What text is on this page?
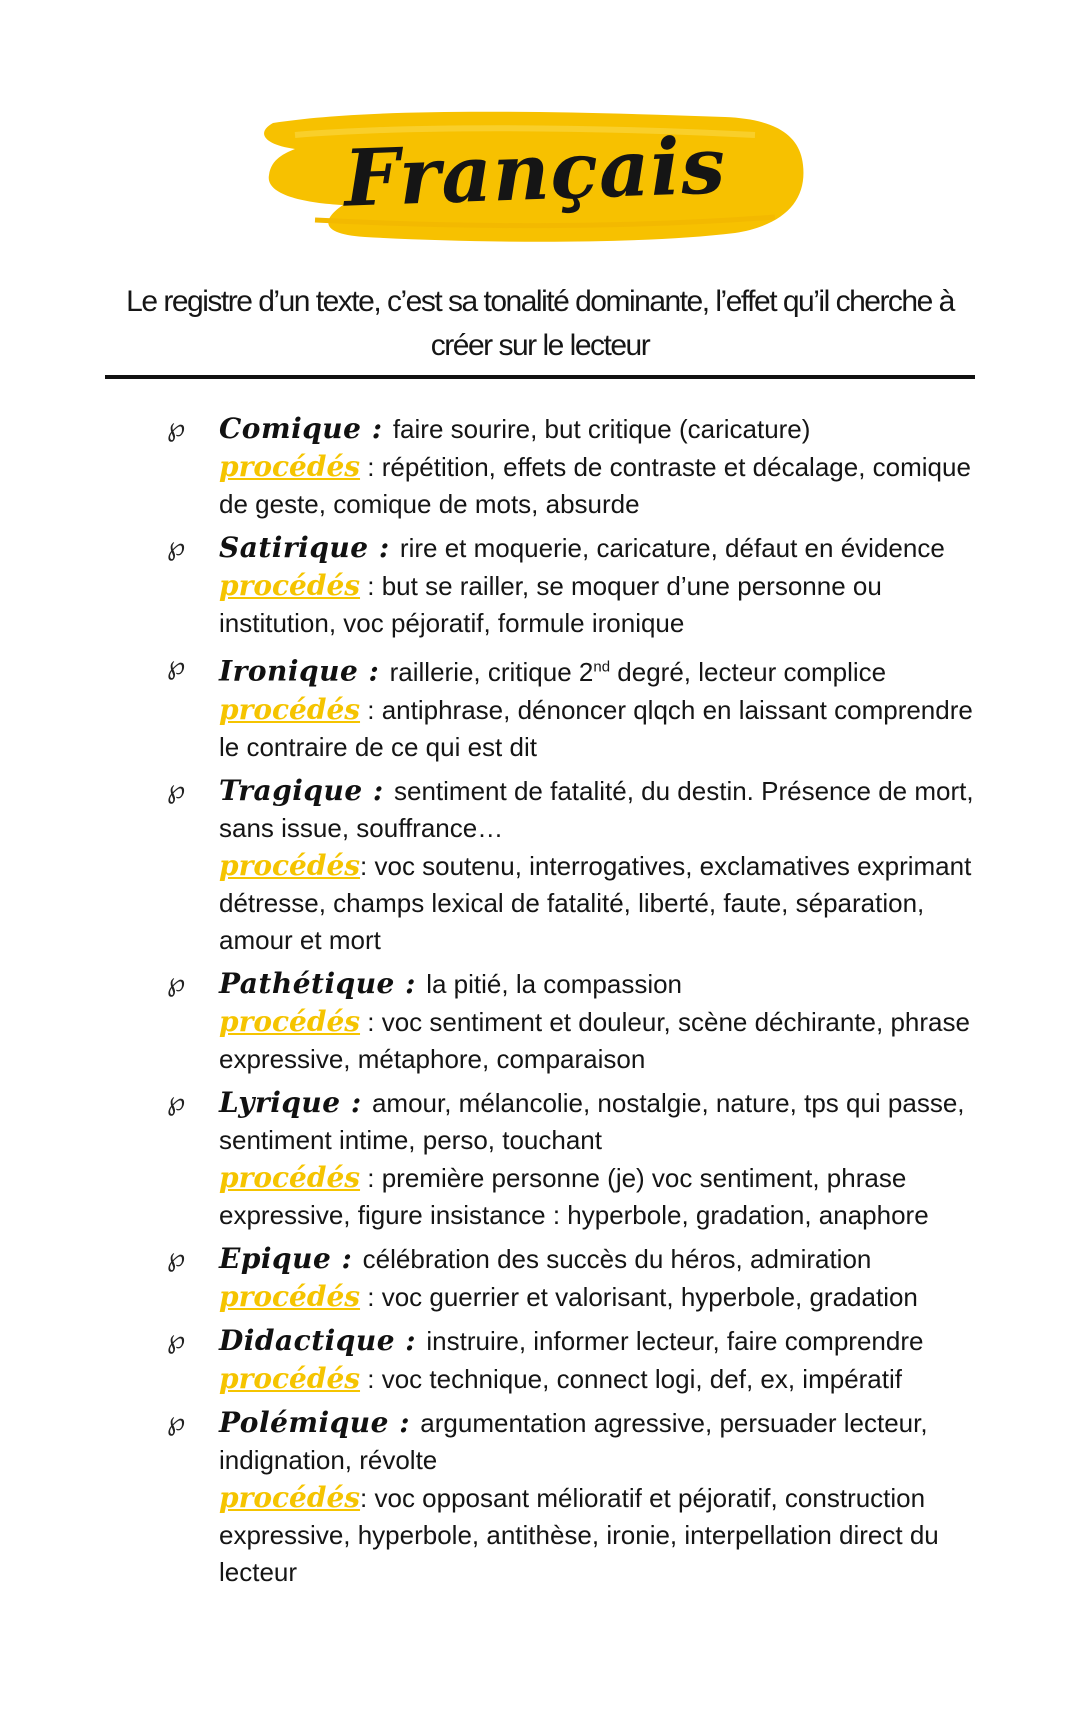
Français
Le registre d’un texte, c’est sa tonalité dominante, l’effet qu’il cherche à
créer sur le lecteur
℘ Comique : faire sourire, but critique (caricature)
procédés : répétition, effets de contraste et décalage, comique de geste, comique de mots, absurde
℘ Satirique : rire et moquerie, caricature, défaut en évidence
procédés : but se railler, se moquer d’une personne ou institution, voc péjoratif, formule ironique
℘ Ironique : raillerie, critique 2nd degré, lecteur complice
procédés : antiphrase, dénoncer qlqch en laissant comprendre le contraire de ce qui est dit
℘ Tragique : sentiment de fatalité, du destin. Présence de mort, sans issue, souffrance…
procédés: voc soutenu, interrogatives, exclamatives exprimant détresse, champs lexical de fatalité, liberté, faute, séparation, amour et mort
℘ Pathétique : la pitié, la compassion
procédés : voc sentiment et douleur, scène déchirante, phrase expressive, métaphore, comparaison
℘ Lyrique : amour, mélancolie, nostalgie, nature, tps qui passe, sentiment intime, perso, touchant
procédés : première personne (je) voc sentiment, phrase expressive, figure insistance : hyperbole, gradation, anaphore
℘ Epique : célébration des succès du héros, admiration
procédés : voc guerrier et valorisant, hyperbole, gradation
℘ Didactique : instruire, informer lecteur, faire comprendre
procédés : voc technique, connect logi, def, ex, impératif
℘ Polémique : argumentation agressive, persuader lecteur, indignation, révolte
procédés: voc opposant mélioratif et péjoratif, construction expressive, hyperbole, antithèse, ironie, interpellation direct du lecteur
